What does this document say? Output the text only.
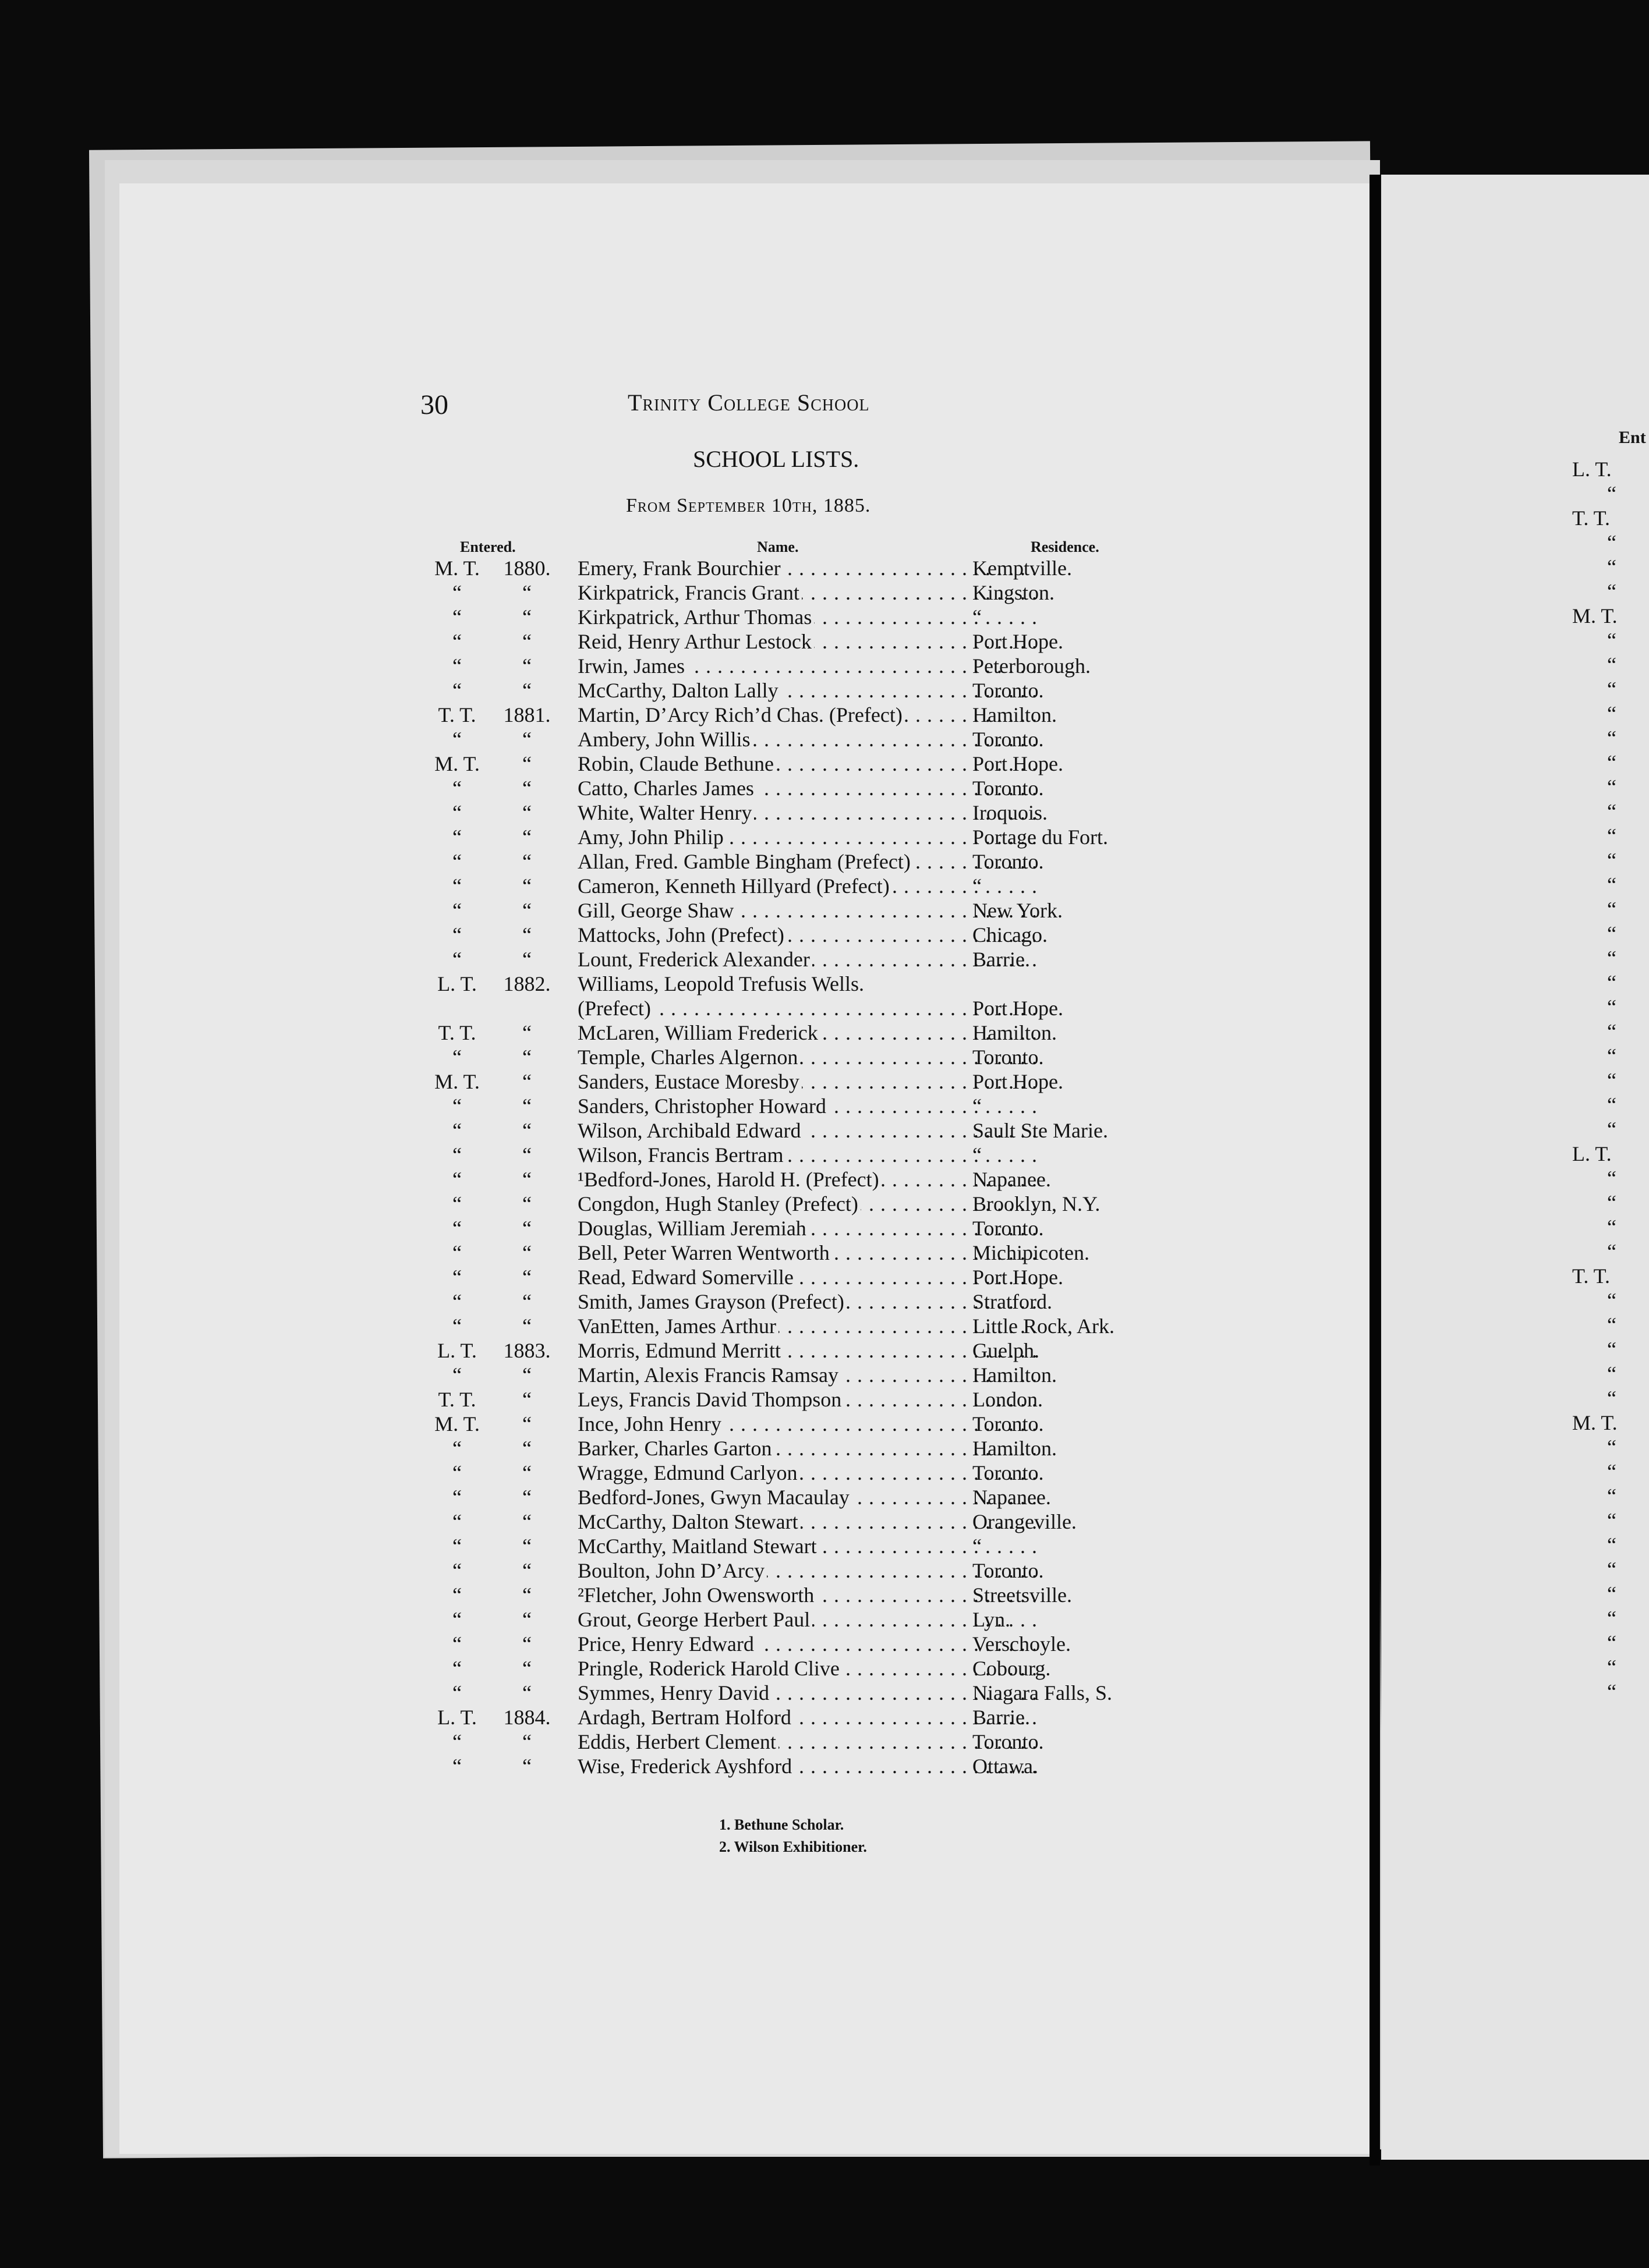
30	Trinity College School
SCHOOL LISTS.
From September 10th, 1885.
Entered.	Name.	Residence.
M. T.	1880.	Emery, Frank Bourchier . . .	Kemptville.
“	“	Kirkpatrick, Francis Grant . . .	Kingston.
“	“	Kirkpatrick, Arthur Thomas . . .	“
“	“	Reid, Henry Arthur Lestock . . .	Port Hope.
“	“	Irwin, James . . .	Peterborough.
“	“	McCarthy, Dalton Lally . . .	Toronto.
T. T.	1881.	Martin, D’Arcy Rich’d Chas. (Prefect) . . .	Hamilton.
“	“	Ambery, John Willis . . .	Toronto.
M. T.	“	Robin, Claude Bethune . . .	Port Hope.
“	“	Catto, Charles James . . .	Toronto.
“	“	White, Walter Henry . . .	Iroquois.
“	“	Amy, John Philip . . .	Portage du Fort.
“	“	Allan, Fred. Gamble Bingham (Prefect) . . .	Toronto.
“	“	Cameron, Kenneth Hillyard (Prefect) . . .	“
“	“	Gill, George Shaw . . .	New York.
“	“	Mattocks, John (Prefect) . . .	Chicago.
“	“	Lount, Frederick Alexander . . .	Barrie.
L. T.	1882.	Williams, Leopold Trefusis Wells.
(Prefect) . . .	Port Hope.
T. T.	“	McLaren, William Frederick . . .	Hamilton.
“	“	Temple, Charles Algernon . . .	Toronto.
M. T.	“	Sanders, Eustace Moresby . . .	Port Hope.
“	“	Sanders, Christopher Howard . . .	“
“	“	Wilson, Archibald Edward . . .	Sault Ste Marie.
“	“	Wilson, Francis Bertram . . .	“
“	“	¹Bedford-Jones, Harold H. (Prefect) . . .	Napanee.
“	“	Congdon, Hugh Stanley (Prefect) . . .	Brooklyn, N.Y.
“	“	Douglas, William Jeremiah . . .	Toronto.
“	“	Bell, Peter Warren Wentworth . . .	Michipicoten.
“	“	Read, Edward Somerville . . .	Port Hope.
“	“	Smith, James Grayson (Prefect) . . .	Stratford.
“	“	VanEtten, James Arthur . . .	Little Rock, Ark.
L. T.	1883.	Morris, Edmund Merritt . . .	Guelph.
“	“	Martin, Alexis Francis Ramsay . . .	Hamilton.
T. T.	“	Leys, Francis David Thompson . . .	London.
M. T.	“	Ince, John Henry . . .	Toronto.
“	“	Barker, Charles Garton . . .	Hamilton.
“	“	Wragge, Edmund Carlyon . . .	Toronto.
“	“	Bedford-Jones, Gwyn Macaulay . . .	Napanee.
“	“	McCarthy, Dalton Stewart . . .	Orangeville.
“	“	McCarthy, Maitland Stewart . . .	“
“	“	Boulton, John D’Arcy . . .	Toronto.
“	“	²Fletcher, John Owensworth . . .	Streetsville.
“	“	Grout, George Herbert Paul . . .	Lyn.
“	“	Price, Henry Edward . . .	Verschoyle.
“	“	Pringle, Roderick Harold Clive . . .	Cobourg.
“	“	Symmes, Henry David . . .	Niagara Falls, S.
L. T.	1884.	Ardagh, Bertram Holford . . .	Barrie.
“	“	Eddis, Herbert Clement . . .	Toronto.
“	“	Wise, Frederick Ayshford . . .	Ottawa.
1. Bethune Scholar.
2. Wilson Exhibitioner.
Ent
L. T.
“
T. T.
“
“
“
M. T.
“
“
“
“
“
“
“
“
“
“
“
“
“
“
“
“
“
“
“
“
“
L. T.
“
“
“
“
T. T.
“
“
“
“
“
M. T.
“
“
“
“
“
“
“
“
“
“
“
